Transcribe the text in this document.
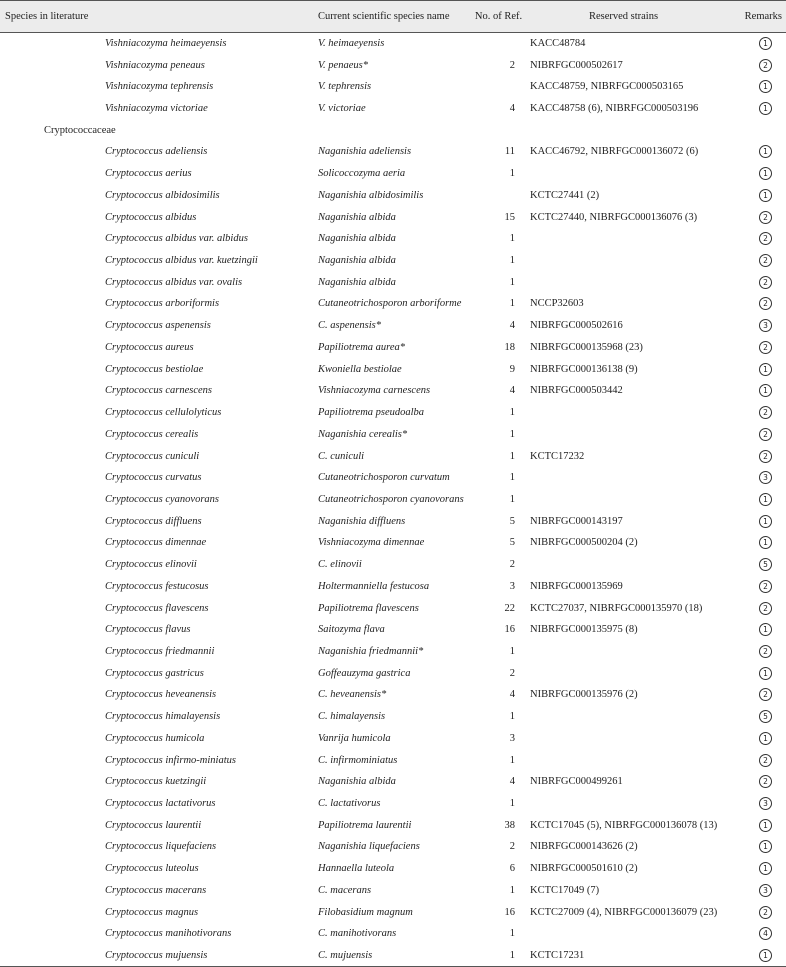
Species in literature	Current scientific species name	No. of Ref.	Reserved strains	Remarks
Vishniacozyma heimaeyensis	V. heimaeyensis		KACC48784	1
Vishniacozyma peneaus	V. penaeus*	2	NIBRFGC000502617	2
Vishniacozyma tephrensis	V. tephrensis		KACC48759, NIBRFGC000503165	1
Vishniacozyma victoriae	V. victoriae	4	KACC48758 (6), NIBRFGC000503196	1
Cryptococcaceae				
Cryptococcus adeliensis	Naganishia adeliensis	11	KACC46792, NIBRFGC000136072 (6)	1
Cryptococcus aerius	Solicoccozyma aeria	1		1
Cryptococcus albidosimilis	Naganishia albidosimilis		KCTC27441 (2)	1
Cryptococcus albidus	Naganishia albida	15	KCTC27440, NIBRFGC000136076 (3)	2
Cryptococcus albidus var. albidus	Naganishia albida	1		2
Cryptococcus albidus var. kuetzingii	Naganishia albida	1		2
Cryptococcus albidus var. ovalis	Naganishia albida	1		2
Cryptococcus arboriformis	Cutaneotrichosporon arboriforme	1	NCCP32603	2
Cryptococcus aspenensis	C. aspenensis*	4	NIBRFGC000502616	3
Cryptococcus aureus	Papiliotrema aurea*	18	NIBRFGC000135968 (23)	2
Cryptococcus bestiolae	Kwoniella bestiolae	9	NIBRFGC000136138 (9)	1
Cryptococcus carnescens	Vishniacozyma carnescens	4	NIBRFGC000503442	1
Cryptococcus cellulolyticus	Papiliotrema pseudoalba	1		2
Cryptococcus cerealis	Naganishia cerealis*	1		2
Cryptococcus cuniculi	C. cuniculi	1	KCTC17232	2
Cryptococcus curvatus	Cutaneotrichosporon curvatum	1		3
Cryptococcus cyanovorans	Cutaneotrichosporon cyanovorans	1		1
Cryptococcus diffluens	Naganishia diffluens	5	NIBRFGC000143197	1
Cryptococcus dimennae	Vishniacozyma dimennae	5	NIBRFGC000500204 (2)	1
Cryptococcus elinovii	C. elinovii	2		5
Cryptococcus festucosus	Holtermanniella festucosa	3	NIBRFGC000135969	2
Cryptococcus flavescens	Papiliotrema flavescens	22	KCTC27037, NIBRFGC000135970 (18)	2
Cryptococcus flavus	Saitozyma flava	16	NIBRFGC000135975 (8)	1
Cryptococcus friedmannii	Naganishia friedmannii*	1		2
Cryptococcus gastricus	Goffeauzyma gastrica	2		1
Cryptococcus heveanensis	C. heveanensis*	4	NIBRFGC000135976 (2)	2
Cryptococcus himalayensis	C. himalayensis	1		5
Cryptococcus humicola	Vanrija humicola	3		1
Cryptococcus infirmo-miniatus	C. infirmominiatus	1		2
Cryptococcus kuetzingii	Naganishia albida	4	NIBRFGC000499261	2
Cryptococcus lactativorus	C. lactativorus	1		3
Cryptococcus laurentii	Papiliotrema laurentii	38	KCTC17045 (5), NIBRFGC000136078 (13)	1
Cryptococcus liquefaciens	Naganishia liquefaciens	2	NIBRFGC000143626 (2)	1
Cryptococcus luteolus	Hannaella luteola	6	NIBRFGC000501610 (2)	1
Cryptococcus macerans	C. macerans	1	KCTC17049 (7)	3
Cryptococcus magnus	Filobasidium magnum	16	KCTC27009 (4), NIBRFGC000136079 (23)	2
Cryptococcus manihotivorans	C. manihotivorans	1		4
Cryptococcus mujuensis	C. mujuensis	1	KCTC17231	1
